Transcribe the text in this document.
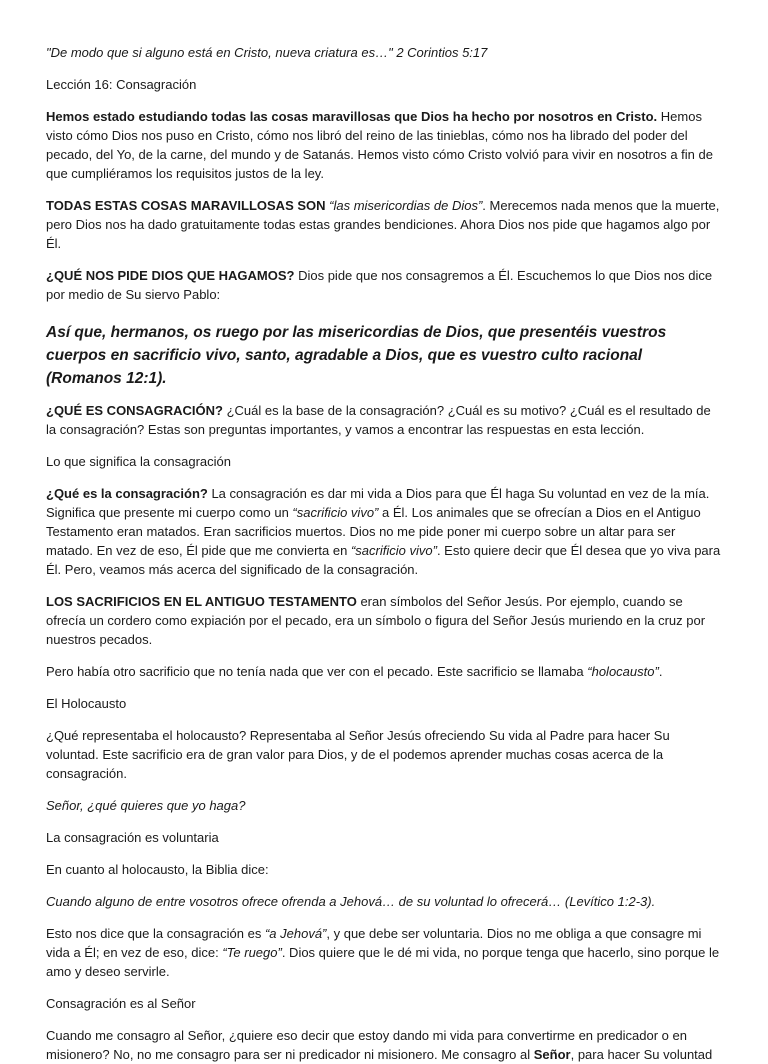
"De modo que si alguno está en Cristo, nueva criatura es…" 2 Corintios 5:17

Lección 16: Consagración

Hemos estado estudiando todas las cosas maravillosas que Dios ha hecho por nosotros en Cristo. Hemos visto cómo Dios nos puso en Cristo, cómo nos libró del reino de las tinieblas, cómo nos ha librado del poder del pecado, del Yo, de la carne, del mundo y de Satanás. Hemos visto cómo Cristo volvió para vivir en nosotros a fin de que cumpliéramos los requisitos justos de la ley.

TODAS ESTAS COSAS MARAVILLOSAS SON “las misericordias de Dios”. Merecemos nada menos que la muerte, pero Dios nos ha dado gratuitamente todas estas grandes bendiciones. Ahora Dios nos pide que hagamos algo por Él.

¿QUÉ NOS PIDE DIOS QUE HAGAMOS? Dios pide que nos consagremos a Él. Escuchemos lo que Dios nos dice por medio de Su siervo Pablo:

Así que, hermanos, os ruego por las misericordias de Dios, que presentéis vuestros cuerpos en sacrificio vivo, santo, agradable a Dios, que es vuestro culto racional (Romanos 12:1).

¿QUÉ ES CONSAGRACIÓN? ¿Cuál es la base de la consagración? ¿Cuál es su motivo? ¿Cuál es el resultado de la consagración? Estas son preguntas importantes, y vamos a encontrar las respuestas en esta lección.

Lo que significa la consagración

¿Qué es la consagración? La consagración es dar mi vida a Dios para que Él haga Su voluntad en vez de la mía. Significa que presente mi cuerpo como un “sacrificio vivo” a Él. Los animales que se ofrecían a Dios en el Antiguo Testamento eran matados. Eran sacrificios muertos. Dios no me pide poner mi cuerpo sobre un altar para ser matado. En vez de eso, Él pide que me convierta en “sacrificio vivo”. Esto quiere decir que Él desea que yo viva para Él. Pero, veamos más acerca del significado de la consagración.

LOS SACRIFICIOS EN EL ANTIGUO TESTAMENTO eran símbolos del Señor Jesús. Por ejemplo, cuando se ofrecía un cordero como expiación por el pecado, era un símbolo o figura del Señor Jesús muriendo en la cruz por nuestros pecados.

Pero había otro sacrificio que no tenía nada que ver con el pecado. Este sacrificio se llamaba “holocausto”.

El Holocausto

¿Qué representaba el holocausto? Representaba al Señor Jesús ofreciendo Su vida al Padre para hacer Su voluntad. Este sacrificio era de gran valor para Dios, y de el podemos aprender muchas cosas acerca de la consagración.

Señor, ¿qué quieres que yo haga?

La consagración es voluntaria

En cuanto al holocausto, la Biblia dice:

Cuando alguno de entre vosotros ofrece ofrenda a Jehová… de su voluntad lo ofrecerá… (Levítico 1:2-3).

Esto nos dice que la consagración es “a Jehová”, y que debe ser voluntaria. Dios no me obliga a que consagre mi vida a Él; en vez de eso, dice: “Te ruego”. Dios quiere que le dé mi vida, no porque tenga que hacerlo, sino porque le amo y deseo servirle.

Consagración es al Señor

Cuando me consagro al Señor, ¿quiere eso decir que estoy dando mi vida para convertirme en predicador o en misionero? No, no me consagro para ser ni predicador ni misionero. Me consagro al Señor, para hacer Su voluntad
